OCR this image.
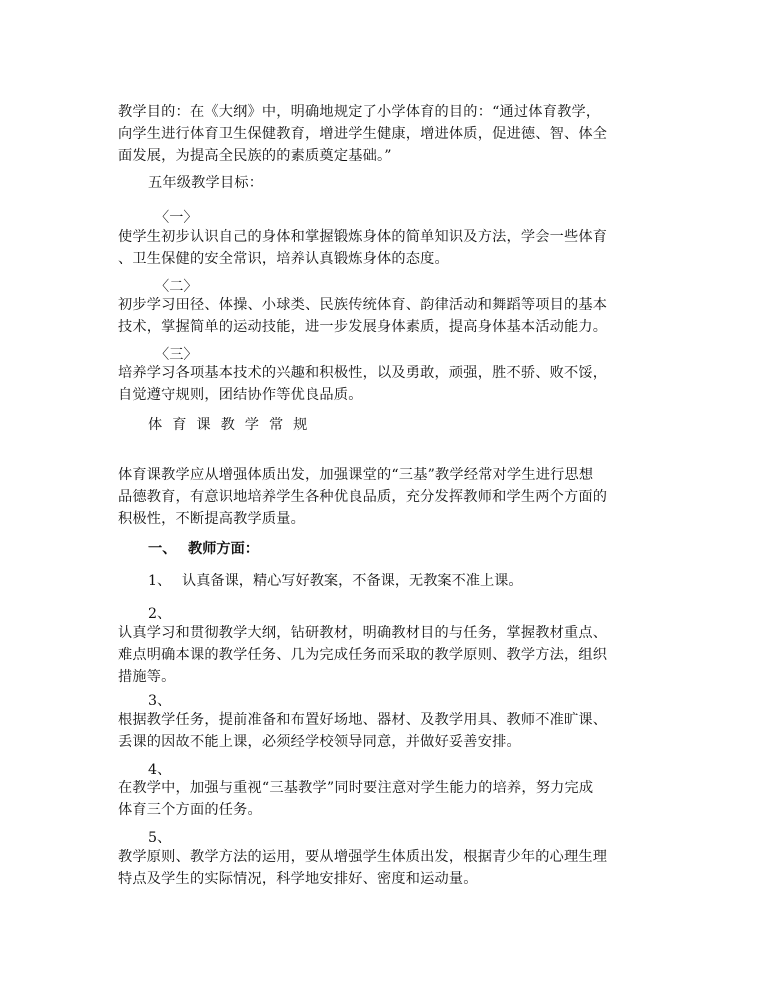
教学目的：在《大纲》中，明确地规定了小学体育的目的：“通过体育教学，
向学生进行体育卫生保健教育，增进学生健康，增进体质，促进德、智、体全
面发展，为提高全民族的的素质奠定基础。”
五年级教学目标：
〈一〉
使学生初步认识自己的身体和掌握锻炼身体的简单知识及方法，学会一些体育
、卫生保健的安全常识，培养认真锻炼身体的态度。
〈二〉
初步学习田径、体操、小球类、民族传统体育、韵律活动和舞蹈等项目的基本
技术，掌握简单的运动技能，进一步发展身体素质，提高身体基本活动能力。
〈三〉
培养学习各项基本技术的兴趣和积极性，以及勇敢，顽强，胜不骄、败不馁，
自觉遵守规则，团结协作等优良品质。
体育课教学常规
体育课教学应从增强体质出发，加强课堂的“三基”教学经常对学生进行思想
品德教育，有意识地培养学生各种优良品质，充分发挥教师和学生两个方面的
积极性，不断提高教学质量。
一、 教师方面：
1、 认真备课，精心写好教案，不备课，无教案不准上课。
2、
认真学习和贯彻教学大纲，钻研教材，明确教材目的与任务，掌握教材重点、
难点明确本课的教学任务、几为完成任务而采取的教学原则、教学方法，组织
措施等。
3、
根据教学任务，提前准备和布置好场地、器材、及教学用具、教师不准旷课、
丢课的因故不能上课，必须经学校领导同意，并做好妥善安排。
4、
在教学中，加强与重视“三基教学”同时要注意对学生能力的培养，努力完成
体育三个方面的任务。
5、
教学原则、教学方法的运用，要从增强学生体质出发，根据青少年的心理生理
特点及学生的实际情况，科学地安排好、密度和运动量。
